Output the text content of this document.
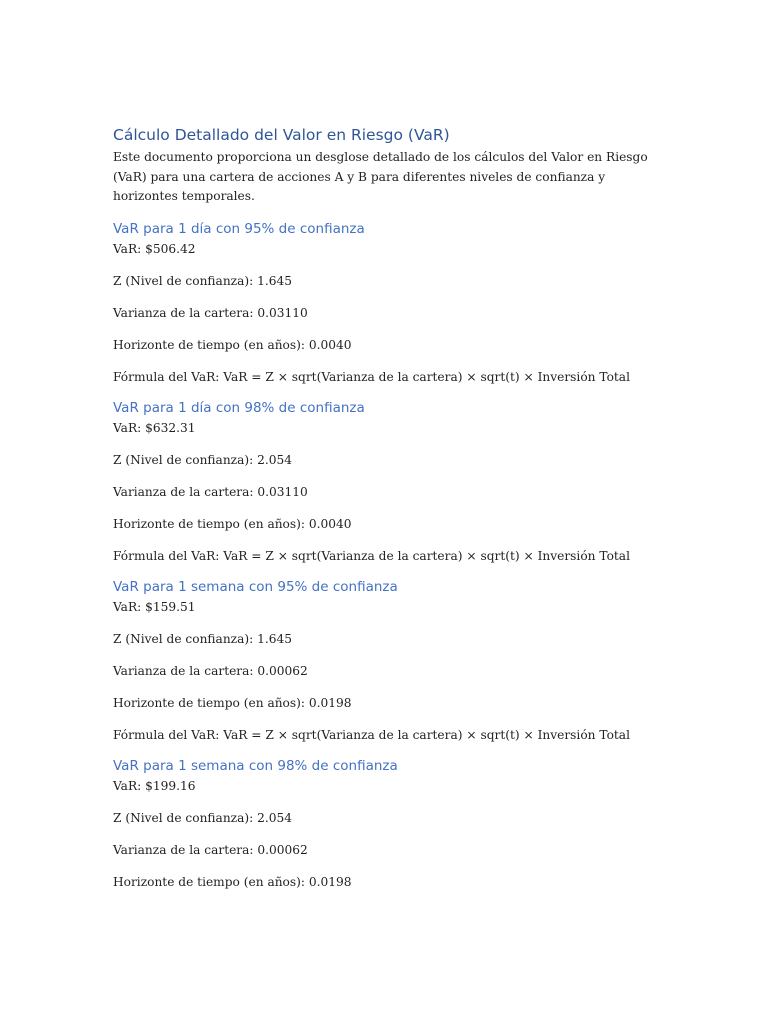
Cálculo Detallado del Valor en Riesgo (VaR)

Este documento proporciona un desglose detallado de los cálculos del Valor en Riesgo (VaR) para una cartera de acciones A y B para diferentes niveles de confianza y horizontes temporales.

VaR para 1 día con 95% de confianza

VaR: $506.42

Z (Nivel de confianza): 1.645

Varianza de la cartera: 0.03110

Horizonte de tiempo (en años): 0.0040

Fórmula del VaR: VaR = Z × sqrt(Varianza de la cartera) × sqrt(t) × Inversión Total

VaR para 1 día con 98% de confianza

VaR: $632.31

Z (Nivel de confianza): 2.054

Varianza de la cartera: 0.03110

Horizonte de tiempo (en años): 0.0040

Fórmula del VaR: VaR = Z × sqrt(Varianza de la cartera) × sqrt(t) × Inversión Total

VaR para 1 semana con 95% de confianza

VaR: $159.51

Z (Nivel de confianza): 1.645

Varianza de la cartera: 0.00062

Horizonte de tiempo (en años): 0.0198

Fórmula del VaR: VaR = Z × sqrt(Varianza de la cartera) × sqrt(t) × Inversión Total

VaR para 1 semana con 98% de confianza

VaR: $199.16

Z (Nivel de confianza): 2.054

Varianza de la cartera: 0.00062

Horizonte de tiempo (en años): 0.0198
